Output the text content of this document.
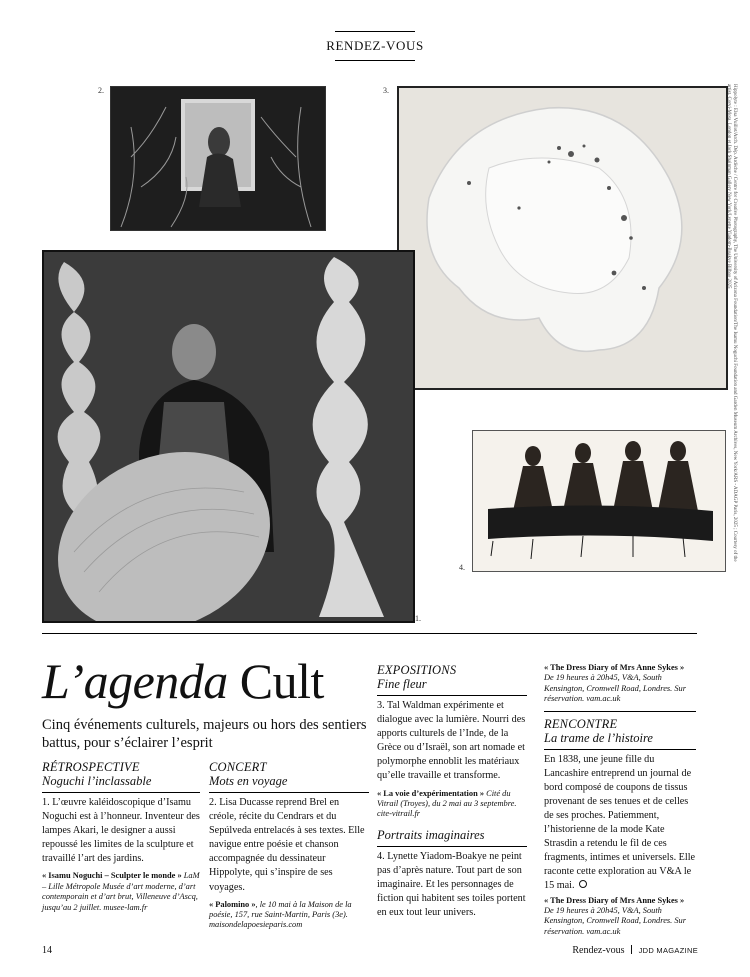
RENDEZ-VOUS
2.	3.	Hippolyte : Elsa Vuillot/Arch. Dép. Ardèche / Centre for Creative Photography, The University of Arizona Foundation/The Isamu Noguchi Foundation and Garden Museum Archives, New York/ARS - ADAGP Paris, 2025 ; Courtesy of the artist, Corvi-Mora, London et Jack Shainman Gallery New York/Lynette Yiadom-Boakye Bilbao 2025
1.
4.
L’agenda Cult
Cinq événements culturels, majeurs ou hors des sentiers battus, pour s’éclairer l’esprit
RÉTROSPECTIVE
Noguchi l’inclassable
1. L’œuvre kaléidoscopique d’Isamu Noguchi est à l’honneur. Inventeur des lampes Akari, le designer a aussi repoussé les limites de la sculpture et travaillé l’art des jardins.
« Isamu Noguchi – Sculpter le monde » LaM – Lille Métropole Musée d’art moderne, d’art contemporain et d’art brut, Villeneuve d’Ascq, jusqu’au 2 juillet. musee-lam.fr
CONCERT
Mots en voyage
2. Lisa Ducasse reprend Brel en créole, récite du Cendrars et du Sepúlveda entrelacés à ses textes. Elle navigue entre poésie et chanson accompagnée du dessinateur Hippolyte, qui s’inspire de ses voyages.
« Palomino », le 10 mai à la Maison de la poésie, 157, rue Saint-Martin, Paris (3e). maisondelapoesieparis.com
EXPOSITIONS
Fine fleur
3. Tal Waldman expérimente et dialogue avec la lumière. Nourri des apports culturels de l’Inde, de la Grèce ou d’Israël, son art nomade et polymorphe ennoblit les matériaux qu’elle travaille et transforme.
« La voie d’expérimentation » Cité du Vitrail (Troyes), du 2 mai au 3 septembre. cite-vitrail.fr
Portraits imaginaires
4. Lynette Yiadom-Boakye ne peint pas d’après nature. Tout part de son imaginaire. Et les personnages de fiction qui habitent ses toiles portent en eux tout leur univers.
« The Dress Diary of Mrs Anne Sykes » De 19 heures à 20h45, V&A, South Kensington, Cromwell Road, Londres. Sur réservation. vam.ac.uk
RENCONTRE
La trame de l’histoire
En 1838, une jeune fille du Lancashire entreprend un journal de bord composé de coupons de tissus provenant de ses tenues et de celles de ses proches. Patiemment, l’historienne de la mode Kate Strasdin a retendu le fil de ces fragments, intimes et universels. Elle raconte cette exploration au V&A le 15 mai.
« The Dress Diary of Mrs Anne Sykes » De 19 heures à 20h45, V&A, South Kensington, Cromwell Road, Londres. Sur réservation. vam.ac.uk
14	Rendez-vous JDD MAGAZINE
